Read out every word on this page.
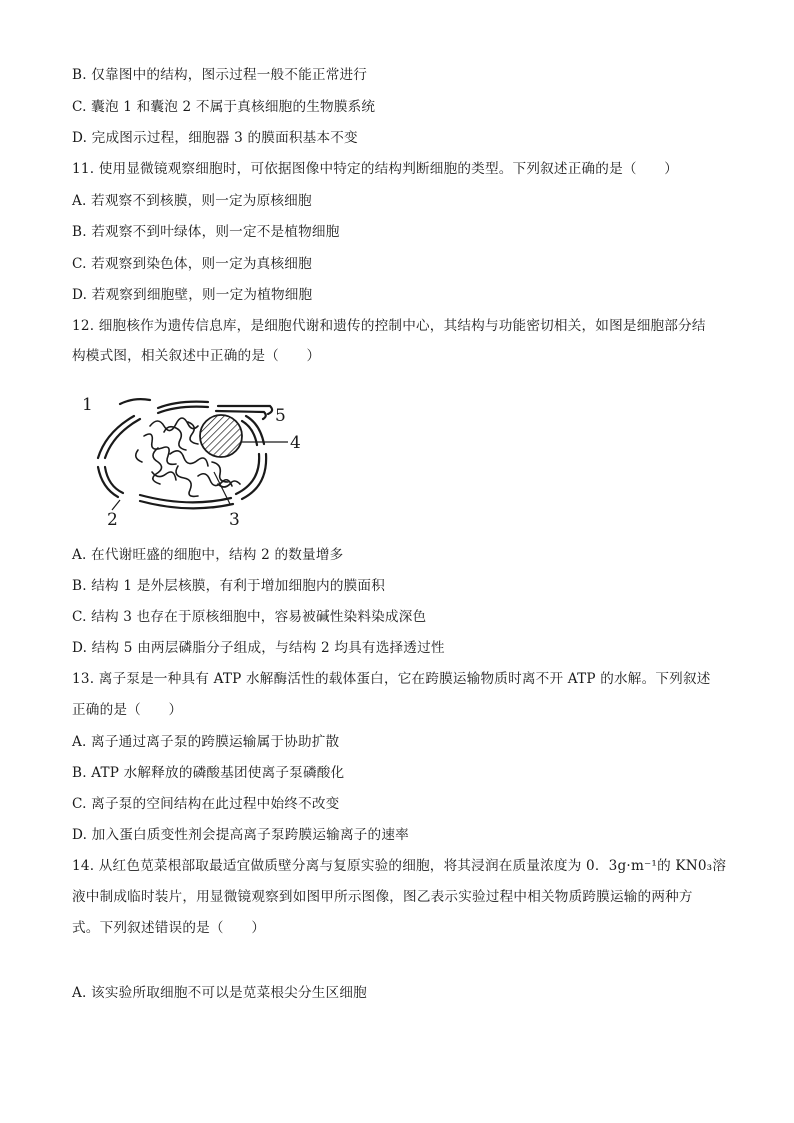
B. 仅靠图中的结构，图示过程一般不能正常进行
C. 囊泡 1 和囊泡 2 不属于真核细胞的生物膜系统
D. 完成图示过程，细胞器 3 的膜面积基本不变
11. 使用显微镜观察细胞时，可依据图像中特定的结构判断细胞的类型。下列叙述正确的是（　　）
A. 若观察不到核膜，则一定为原核细胞
B. 若观察不到叶绿体，则一定不是植物细胞
C. 若观察到染色体，则一定为真核细胞
D. 若观察到细胞壁，则一定为植物细胞
12. 细胞核作为遗传信息库，是细胞代谢和遗传的控制中心，其结构与功能密切相关，如图是细胞部分结
构模式图，相关叙述中正确的是（　　）
1
2	3
4
5
A. 在代谢旺盛的细胞中，结构 2 的数量增多
B. 结构 1 是外层核膜，有利于增加细胞内的膜面积
C. 结构 3 也存在于原核细胞中，容易被碱性染料染成深色
D. 结构 5 由两层磷脂分子组成，与结构 2 均具有选择透过性
13. 离子泵是一种具有 ATP 水解酶活性的载体蛋白，它在跨膜运输物质时离不开 ATP 的水解。下列叙述
正确的是（　　）
A. 离子通过离子泵的跨膜运输属于协助扩散
B. ATP 水解释放的磷酸基团使离子泵磷酸化
C. 离子泵的空间结构在此过程中始终不改变
D. 加入蛋白质变性剂会提高离子泵跨膜运输离子的速率
14. 从红色苋菜根部取最适宜做质壁分离与复原实验的细胞，将其浸润在质量浓度为 0．3g·m⁻¹的 KN0₃溶
液中制成临时装片，用显微镜观察到如图甲所示图像，图乙表示实验过程中相关物质跨膜运输的两种方
式。下列叙述错误的是（　　）
A. 该实验所取细胞不可以是苋菜根尖分生区细胞
